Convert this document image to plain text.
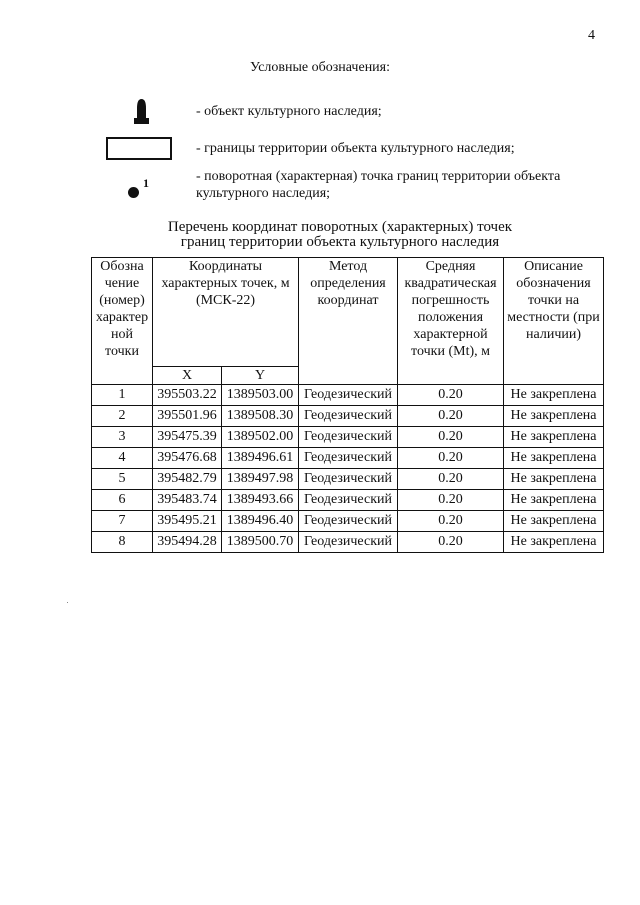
4
Условные обозначения:
- объект культурного наследия;
- границы территории объекта культурного наследия;
1	- поворотная (характерная) точка границ территории объекта культурного наследия;
Перечень координат поворотных (характерных) точек
границ территории объекта культурного наследия
Обозна чение (номер) характер ной точки	Координаты характерных точек, м (МСК-22)		Метод определения координат	Средняя квадратическая погрешность положения характерной точки (Mt), м	Описание обозначения точки на местности (при наличии)
	X	Y			
1	395503.22	1389503.00	Геодезический	0.20	Не закреплена
2	395501.96	1389508.30	Геодезический	0.20	Не закреплена
3	395475.39	1389502.00	Геодезический	0.20	Не закреплена
4	395476.68	1389496.61	Геодезический	0.20	Не закреплена
5	395482.79	1389497.98	Геодезический	0.20	Не закреплена
6	395483.74	1389493.66	Геодезический	0.20	Не закреплена
7	395495.21	1389496.40	Геодезический	0.20	Не закреплена
8	395494.28	1389500.70	Геодезический	0.20	Не закреплена
